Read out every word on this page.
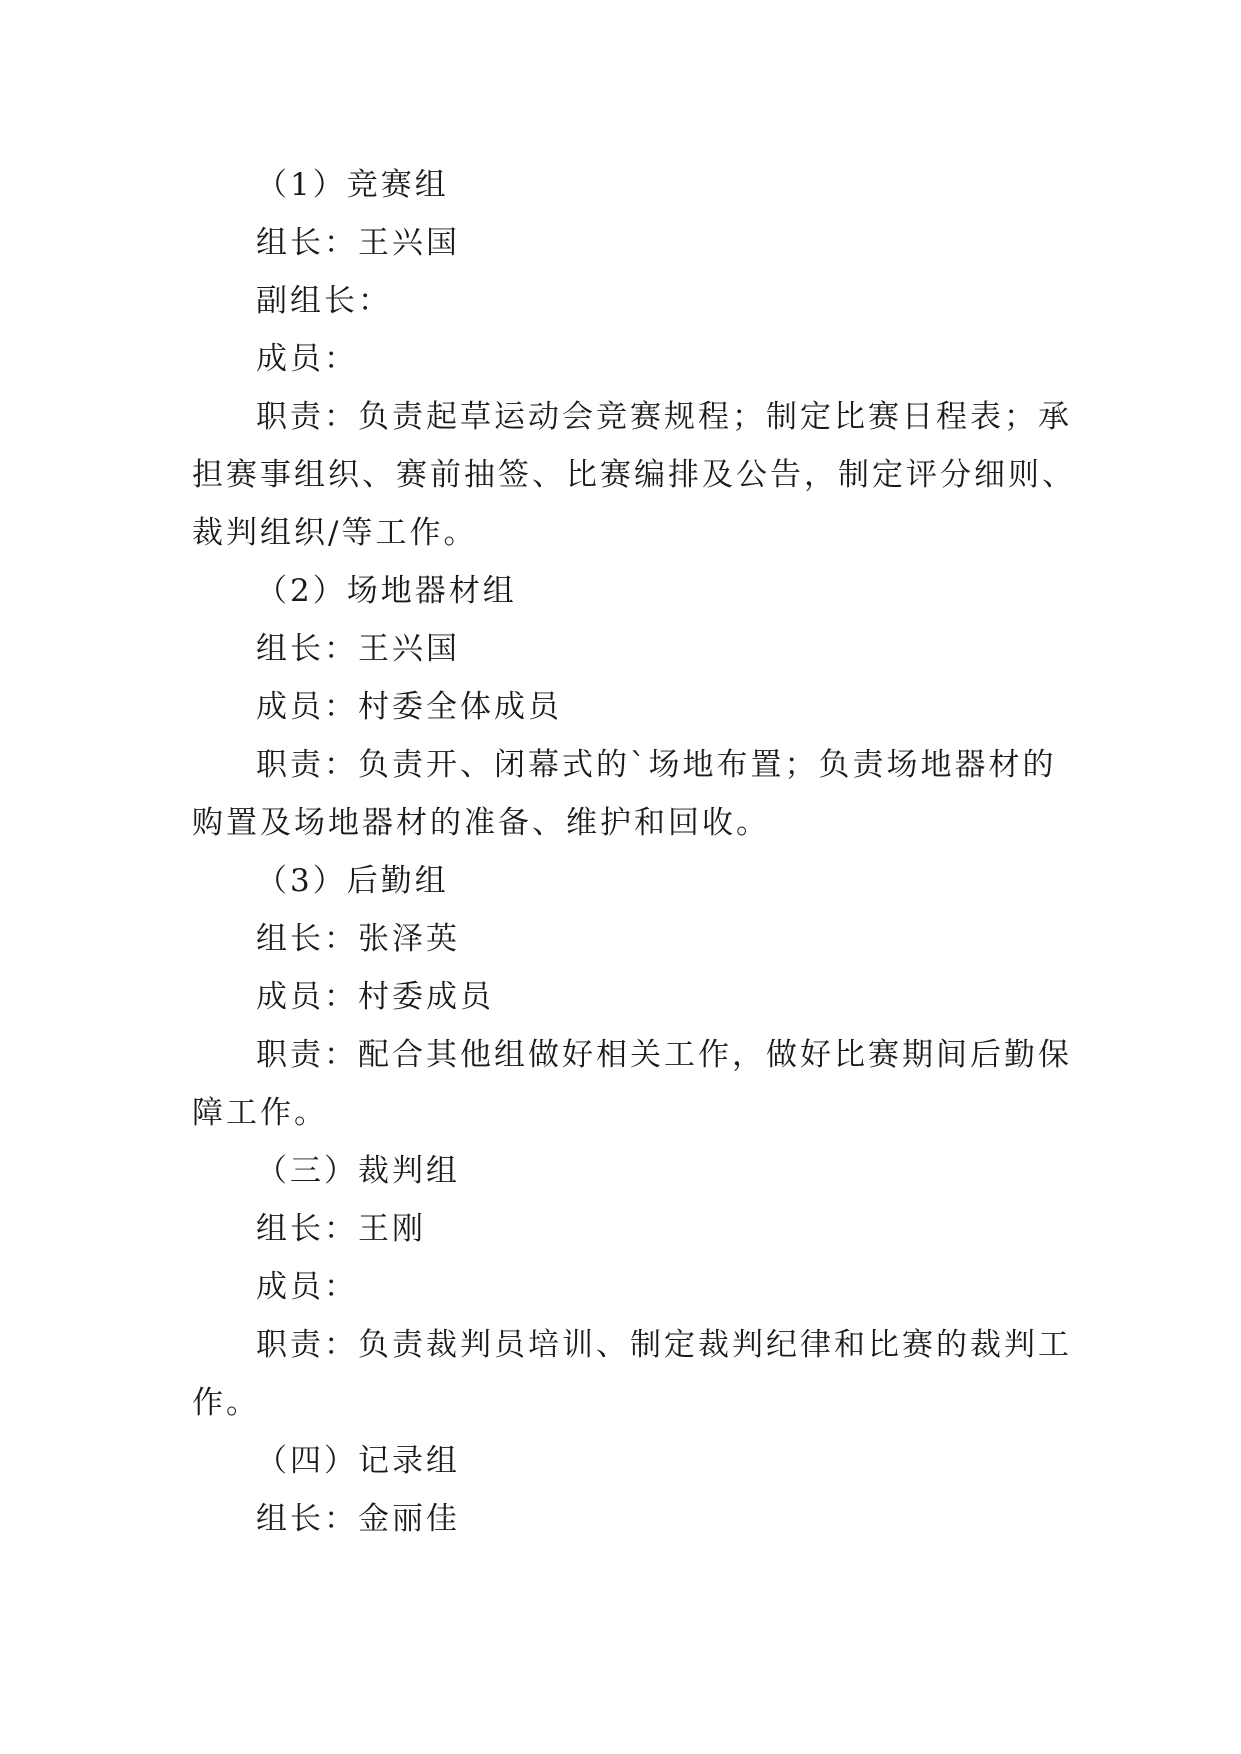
（1）竞赛组
组长：王兴国
副组长：
成员：
职责：负责起草运动会竞赛规程；制定比赛日程表；承
担赛事组织、赛前抽签、比赛编排及公告，制定评分细则、
裁判组织/等工作。
（2）场地器材组
组长：王兴国
成员：村委全体成员
职责：负责开、闭幕式的`场地布置；负责场地器材的
购置及场地器材的准备、维护和回收。
（3）后勤组
组长：张泽英
成员：村委成员
职责：配合其他组做好相关工作，做好比赛期间后勤保
障工作。
（三）裁判组
组长：王刚
成员：
职责：负责裁判员培训、制定裁判纪律和比赛的裁判工
作。
（四）记录组
组长：金丽佳
